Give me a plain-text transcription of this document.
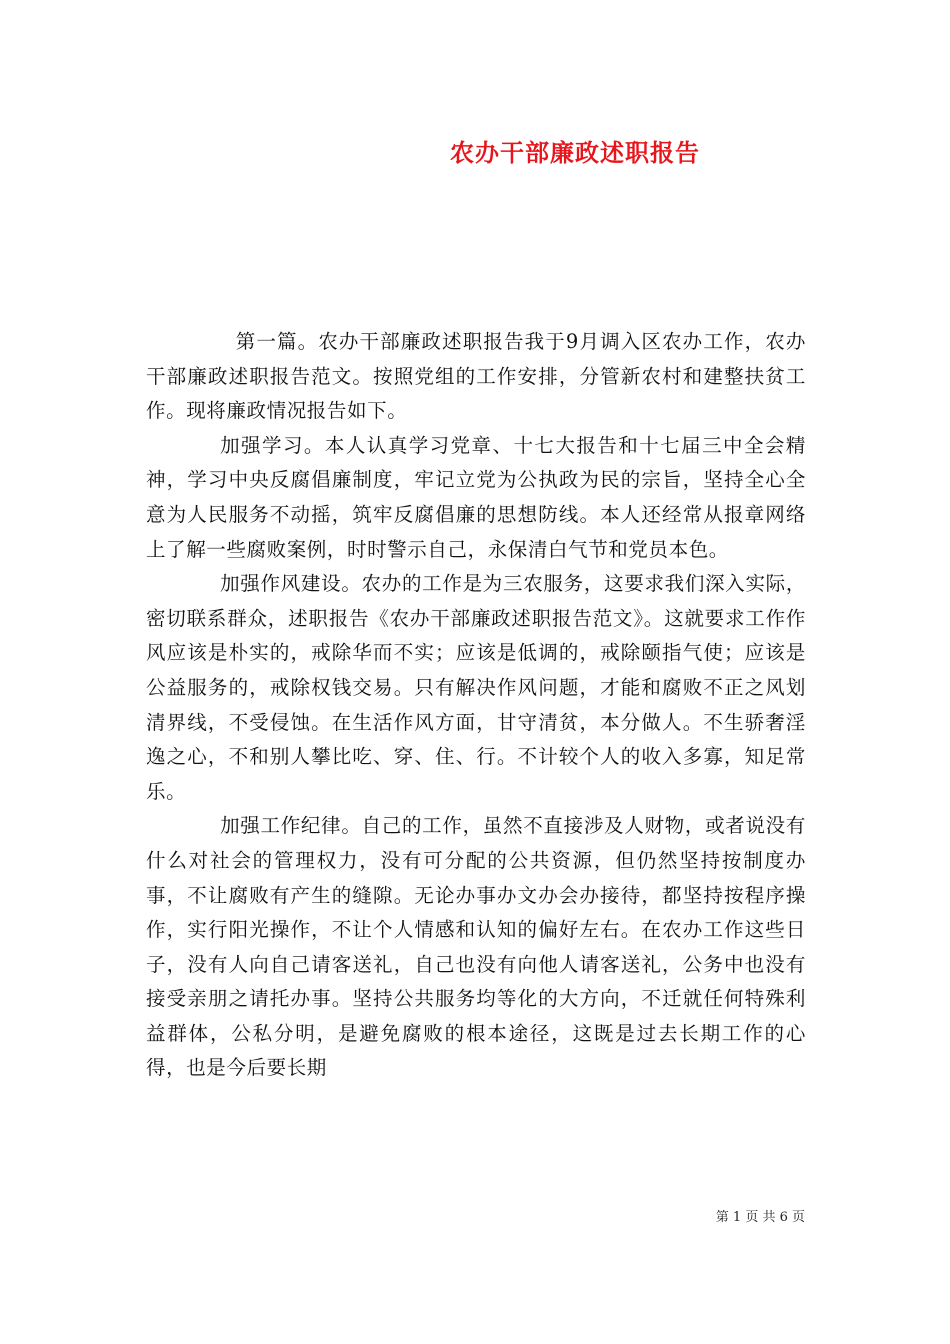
农办干部廉政述职报告

第一篇。农办干部廉政述职报告我于9月调入区农办工作，农办干部廉政述职报告范文。按照党组的工作安排，分管新农村和建整扶贫工作。现将廉政情况报告如下。

加强学习。本人认真学习党章、十七大报告和十七届三中全会精神，学习中央反腐倡廉制度，牢记立党为公执政为民的宗旨，坚持全心全意为人民服务不动摇，筑牢反腐倡廉的思想防线。本人还经常从报章网络上了解一些腐败案例，时时警示自己，永保清白气节和党员本色。

加强作风建设。农办的工作是为三农服务，这要求我们深入实际，密切联系群众，述职报告《农办干部廉政述职报告范文》。这就要求工作作风应该是朴实的，戒除华而不实；应该是低调的，戒除颐指气使；应该是公益服务的，戒除权钱交易。只有解决作风问题，才能和腐败不正之风划清界线，不受侵蚀。在生活作风方面，甘守清贫，本分做人。不生骄奢淫逸之心，不和别人攀比吃、穿、住、行。不计较个人的收入多寡，知足常乐。

加强工作纪律。自己的工作，虽然不直接涉及人财物，或者说没有什么对社会的管理权力，没有可分配的公共资源，但仍然坚持按制度办事，不让腐败有产生的缝隙。无论办事办文办会办接待，都坚持按程序操作，实行阳光操作，不让个人情感和认知的偏好左右。在农办工作这些日子，没有人向自己请客送礼，自己也没有向他人请客送礼，公务中也没有接受亲朋之请托办事。坚持公共服务均等化的大方向，不迁就任何特殊利益群体，公私分明，是避免腐败的根本途径，这既是过去长期工作的心得，也是今后要长期

第 1 页 共 6 页
